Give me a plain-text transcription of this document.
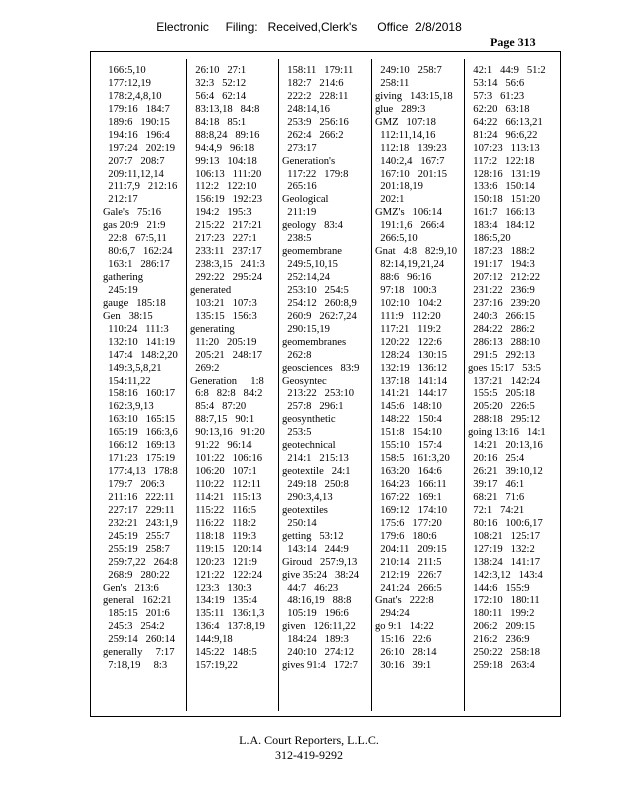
Electronic     Filing:   Received,Clerk's      Office  2/8/2018
Page 313
166:5,10
177:12,19
178:2,4,8,10
179:16   184:7
189:6   190:15
194:16   196:4
197:24   202:19
207:7   208:7
209:11,12,14
211:7,9   212:16
212:17
Gale's   75:16
gas 20:9   21:9
22:8   67:5,11
80:6,7   162:24
163:1   286:17
gathering
245:19
gauge   185:18
Gen   38:15
110:24   111:3
132:10   141:19
147:4   148:2,20
149:3,5,8,21
154:11,22
158:16   160:17
162:3,9,13
163:10   165:15
165:19   166:3,6
166:12   169:13
171:23   175:19
177:4,13   178:8
179:7   206:3
211:16   222:11
227:17   229:11
232:21   243:1,9
245:19   255:7
255:19   258:7
259:7,22   264:8
268:9   280:22
Gen's   213:6
general   162:21
185:15   201:6
245:3   254:2
259:14   260:14
generally     7:17
7:18,19     8:3
26:10   27:1
32:3   52:12
56:4   62:14
83:13,18   84:8
84:18   85:1
88:8,24   89:16
94:4,9   96:18
99:13   104:18
106:13   111:20
112:2   122:10
156:19   192:23
194:2   195:3
215:22   217:21
217:23   227:1
233:11   237:17
238:3,15   241:3
292:22   295:24
generated
103:21   107:3
135:15   156:3
generating
11:20   205:19
205:21   248:17
269:2
Generation     1:8
6:8   82:8   84:2
85:4   87:20
88:7,15   90:1
90:13,16   91:20
91:22   96:14
101:22   106:16
106:20   107:1
110:22   112:11
114:21   115:13
115:22   116:5
116:22   118:2
118:18   119:3
119:15   120:14
120:23   121:9
121:22   122:24
123:3   130:3
134:19   135:4
135:11   136:1,3
136:4   137:8,19
144:9,18
145:22   148:5
157:19,22
158:11   179:11
182:7   214:6
222:2   228:11
248:14,16
253:9   256:16
262:4   266:2
273:17
Generation's
117:22   179:8
265:16
Geological
211:19
geology   83:4
238:5
geomembrane
249:5,10,15
252:14,24
253:10   254:5
254:12   260:8,9
260:9   262:7,24
290:15,19
geomembranes
262:8
geosciences   83:9
Geosyntec
213:22   253:10
257:8   296:1
geosynthetic
253:5
geotechnical
214:1   215:13
geotextile   24:1
249:18   250:8
290:3,4,13
geotextiles
250:14
getting   53:12
143:14   244:9
Giroud   257:9,13
give 35:24   38:24
44:7   46:23
48:16,19   88:8
105:19   196:6
given   126:11,22
184:24   189:3
240:10   274:12
gives 91:4   172:7
249:10   258:7
258:11
giving   143:15,18
glue   289:3
GMZ   107:18
112:11,14,16
112:18   139:23
140:2,4   167:7
167:10   201:15
201:18,19
202:1
GMZ's   106:14
191:1,6   266:4
266:5,10
Gnat   4:8   82:9,10
82:14,19,21,24
88:6   96:16
97:18   100:3
102:10   104:2
111:9   112:20
117:21   119:2
120:22   122:6
128:24   130:15
132:19   136:12
137:18   141:14
141:21   144:17
145:6   148:10
148:22   150:4
151:8   154:10
155:10   157:4
158:5   161:3,20
163:20   164:6
164:23   166:11
167:22   169:1
169:12   174:10
175:6   177:20
179:6   180:6
204:11   209:15
210:14   211:5
212:19   226:7
241:24   266:5
Gnat's   222:8
294:24
go 9:1   14:22
15:16   22:6
26:10   28:14
30:16   39:1
42:1   44:9   51:2
53:14   56:6
57:3   61:23
62:20   63:18
64:22   66:13,21
81:24   96:6,22
107:23   113:13
117:2   122:18
128:16   131:19
133:6   150:14
150:18   151:20
161:7   166:13
183:4   184:12
186:5,20
187:23   188:2
191:17   194:3
207:12   212:22
231:22   236:9
237:16   239:20
240:3   266:15
284:22   286:2
286:13   288:10
291:5   292:13
goes 15:17   53:5
137:21   142:24
155:5   205:18
205:20   226:5
288:18   295:12
going 13:16   14:1
14:21   20:13,16
20:16   25:4
26:21   39:10,12
39:17   46:1
68:21   71:6
72:1   74:21
80:16   100:6,17
108:21   125:17
127:19   132:2
138:24   141:17
142:3,12   143:4
144:6   155:9
172:10   180:11
180:11   199:2
206:2   209:15
216:2   236:9
250:22   258:18
259:18   263:4
L.A. Court Reporters, L.L.C.
312-419-9292
